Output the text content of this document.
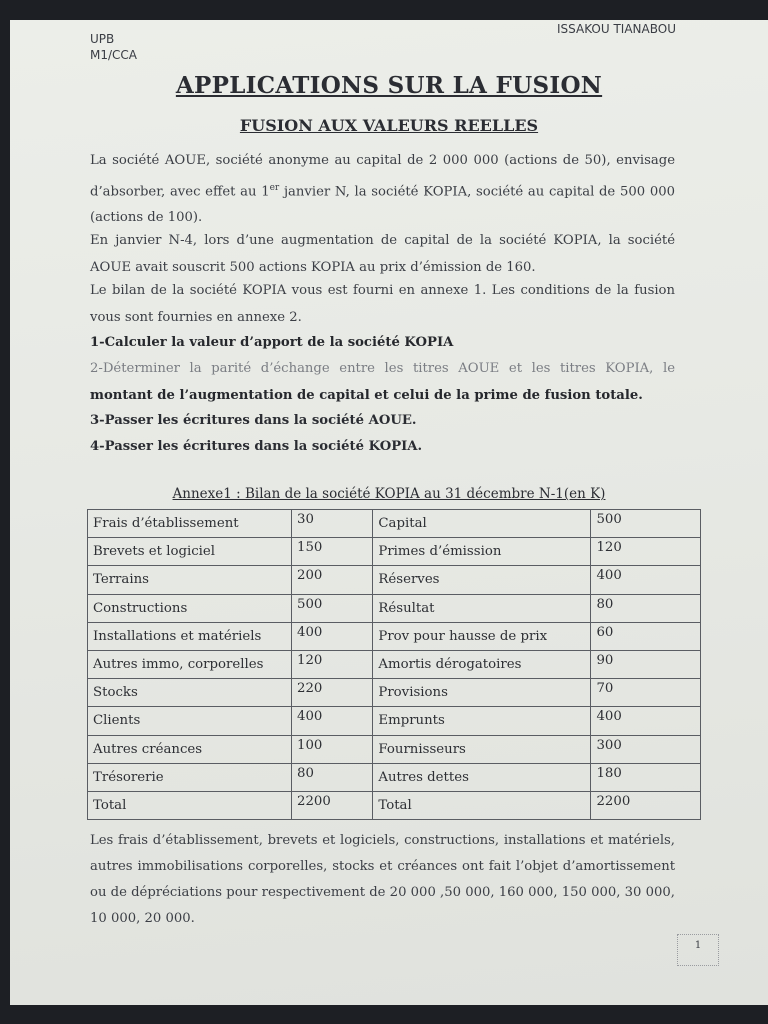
UPB
M1/CCA
ISSAKOU TIANABOU
APPLICATIONS SUR LA FUSION
FUSION AUX VALEURS REELLES
La société AOUE, société anonyme au capital de 2 000 000 (actions de 50), envisage d’absorber, avec effet au 1er janvier N, la société KOPIA, société au capital de 500 000 (actions de 100).
En janvier N-4, lors d’une augmentation de capital de la société KOPIA, la société AOUE avait souscrit 500 actions KOPIA au prix d’émission de 160.
Le bilan de la société KOPIA vous est fourni en annexe 1. Les conditions de la fusion vous sont fournies en annexe 2.
1-Calculer la valeur d’apport de la société KOPIA
2-Déterminer la parité d’échange entre les titres AOUE et les titres KOPIA, le montant de l’augmentation de capital et celui de la prime de fusion totale.
3-Passer les écritures dans la société AOUE.
4-Passer les écritures dans la société KOPIA.
Annexe1 : Bilan de la société KOPIA au 31 décembre N-1(en K)
Frais d’établissement	30	Capital	500
Brevets et logiciel	150	Primes d’émission	120
Terrains	200	Réserves	400
Constructions	500	Résultat	80
Installations et matériels	400	Prov pour hausse de prix	60
Autres immo, corporelles	120	Amortis dérogatoires	90
Stocks	220	Provisions	70
Clients	400	Emprunts	400
Autres créances	100	Fournisseurs	300
Trésorerie	80	Autres dettes	180
Total	2200	Total	2200
Les frais d’établissement, brevets et logiciels, constructions, installations et matériels, autres immobilisations corporelles, stocks et créances ont fait l’objet d’amortissement ou de dépréciations pour respectivement de 20 000 ,50 000, 160 000, 150 000, 30 000, 10 000, 20 000.
1
